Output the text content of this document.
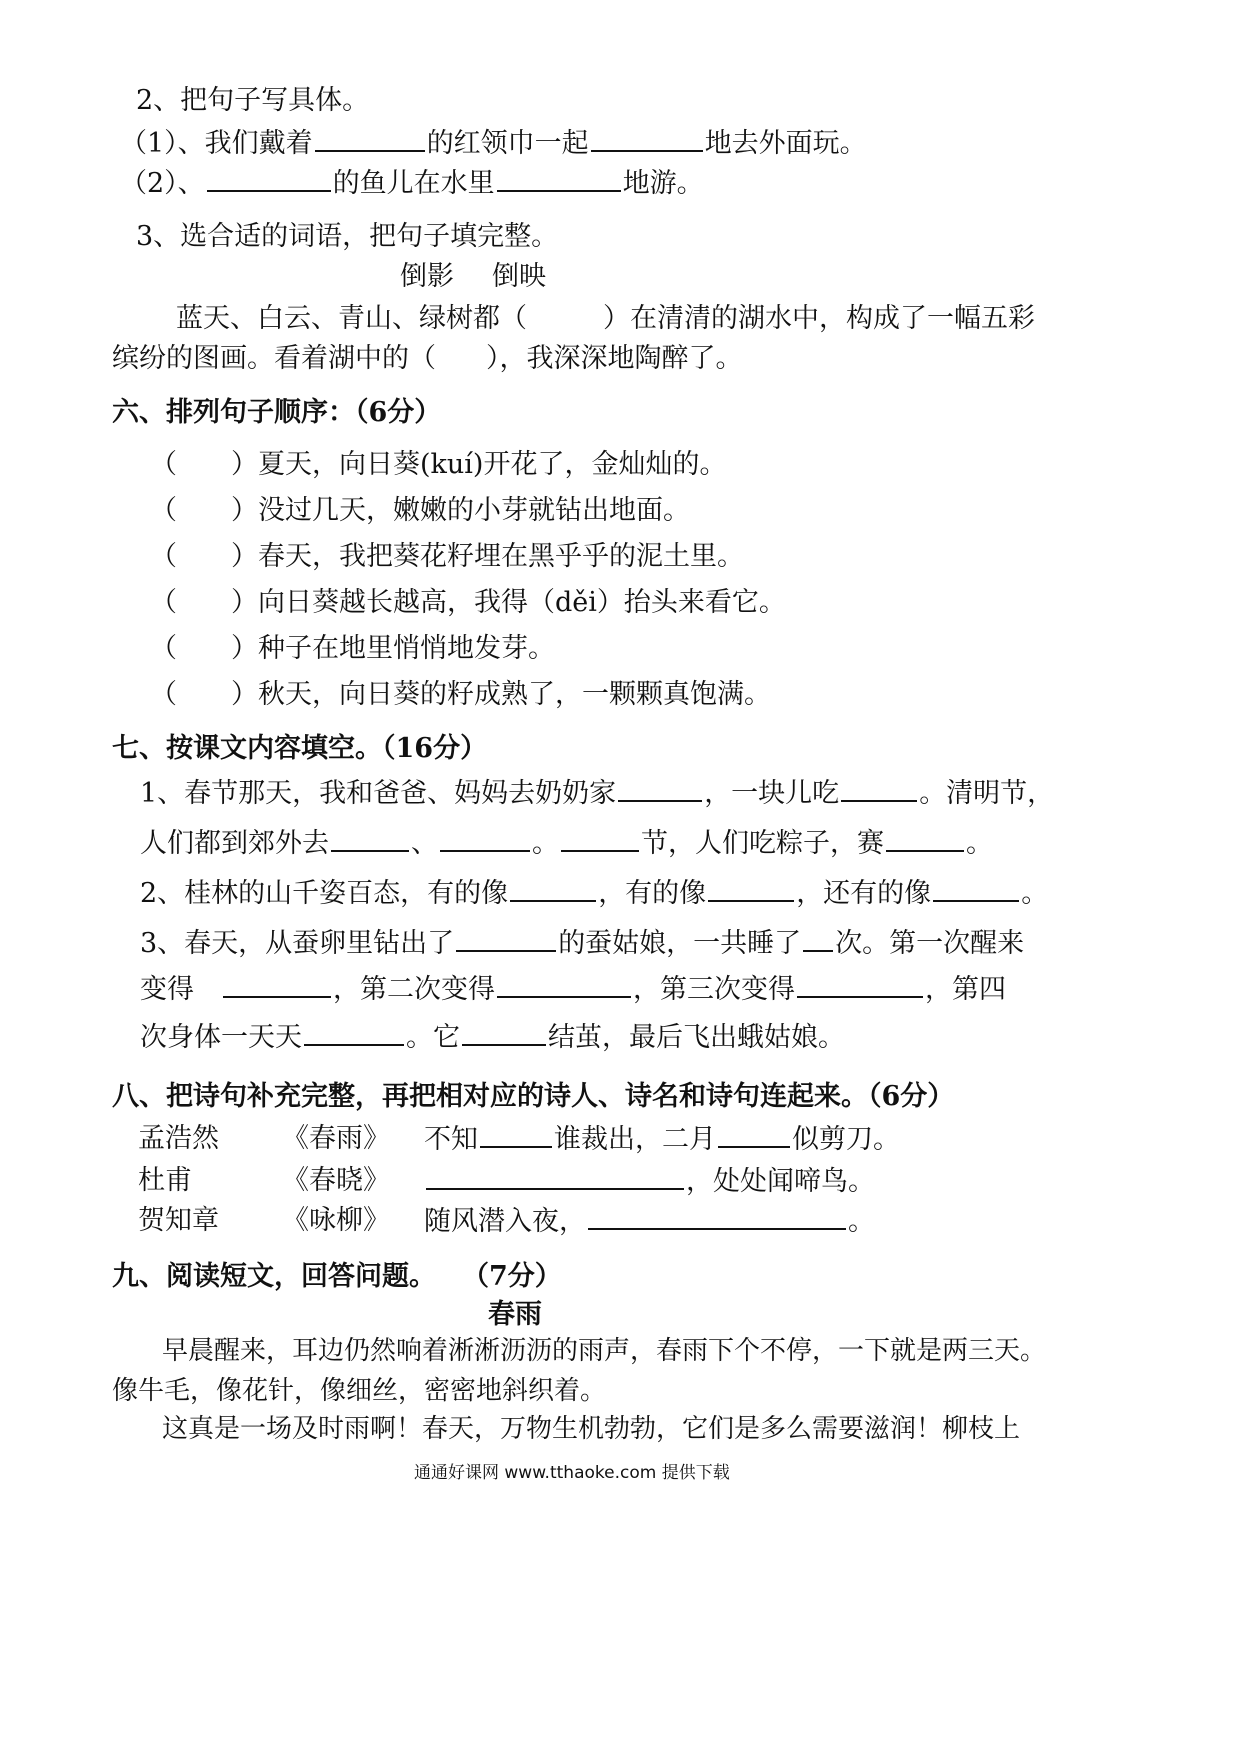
2、把句子写具体。
（1）、我们戴着	的红领巾一起	地去外面玩。
（2）、	的鱼儿在水里	地游。
3、选合适的词语，把句子填完整。
倒影 倒映
蓝天、白云、青山、绿树都（	）在清清的湖水中，构成了一幅五彩
缤纷的图画。看着湖中的（ ），我深深地陶醉了。
六、排列句子顺序：（6分）
（  ）夏天，向日葵(kuí)开花了，金灿灿的。
（  ）没过几天，嫩嫩的小芽就钻出地面。
（  ）春天，我把葵花籽埋在黑乎乎的泥土里。
（  ）向日葵越长越高，我得（děi）抬头来看它。
（  ）种子在地里悄悄地发芽。
（  ）秋天，向日葵的籽成熟了，一颗颗真饱满。
七、按课文内容填空。（16分）
1、春节那天，我和爸爸、妈妈去奶奶家	，一块儿吃	。清明节，
人们都到郊外去	、	。	节，人们吃粽子，赛	。
2、桂林的山千姿百态，有的像	，有的像	，还有的像	。
3、春天，从蚕卵里钻出了	的蚕姑娘，一共睡了 次。第一次醒来
变得 	，第二次变得	，第三次变得	，第四
次身体一天天	。它	结茧，最后飞出蛾姑娘。
八、把诗句补充完整，再把相对应的诗人、诗名和诗句连起来。（6分）
孟浩然 《春雨》 不知	谁裁出，二月	似剪刀。
杜甫	《春晓》	，处处闻啼鸟。
贺知章 《咏柳》 随风潜入夜，	。
九、阅读短文，回答问题。 （7分）
春雨
早晨醒来，耳边仍然响着淅淅沥沥的雨声，春雨下个不停，一下就是两三天。
像牛毛，像花针，像细丝，密密地斜织着。
这真是一场及时雨啊！春天，万物生机勃勃，它们是多么需要滋润！柳枝上
通通好课网 www.tthaoke.com 提供下载
